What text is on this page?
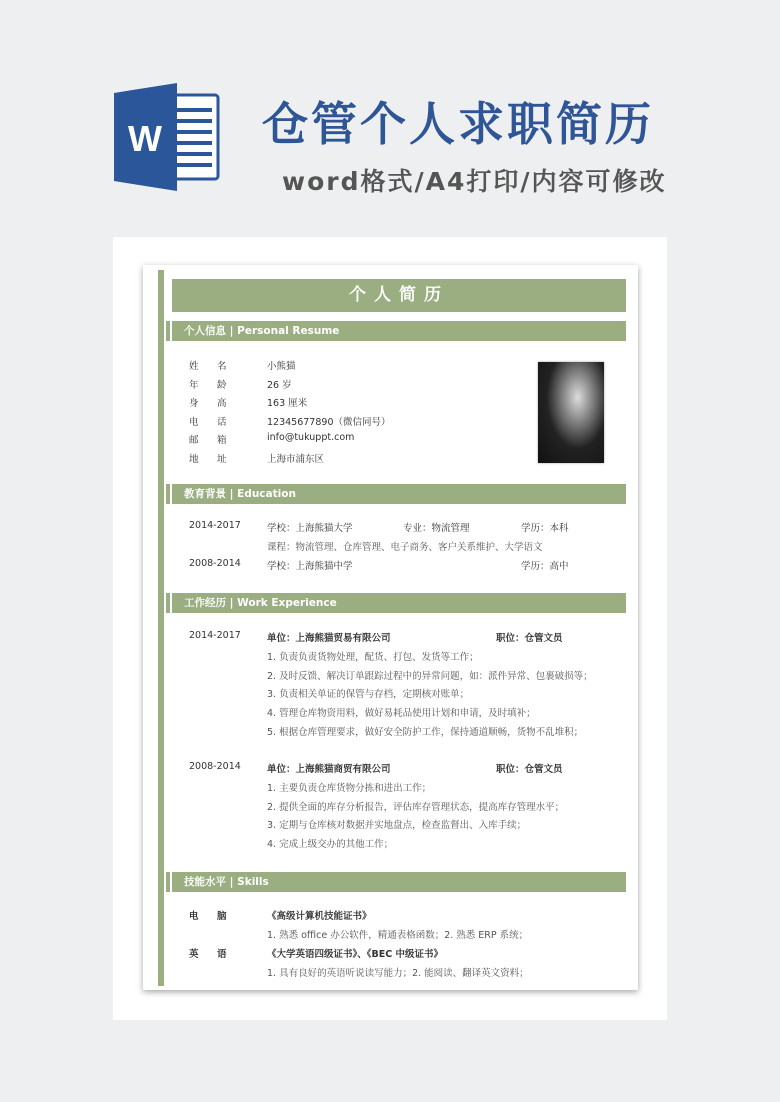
W 仓管个人求职简历
word格式/A4打印/内容可修改
个人简历
个人信息 | Personal Resume
教育背景 | Education
2014-2017	学校：上海熊猫大学	专业：物流管理	学历：本科
课程：物流管理、仓库管理、电子商务、客户关系维护、大学语文
2008-2014	学校：上海熊猫中学	学历：高中
工作经历 | Work Experience
技能水平 | Skills
姓 名	小熊猫
年 龄	26 岁
身 高	163 厘米
电 话	12345677890（微信同号）
邮 箱	info@tukuppt.com
地 址	上海市浦东区
2014-2017	单位：上海熊猫贸易有限公司	职位：仓管文员
1. 负责负责货物处理，配货、打包、发货等工作；
2. 及时反馈、解决订单跟踪过程中的异常问题，如：派件异常、包裹破损等；
3. 负责相关单证的保管与存档，定期核对账单；
4. 管理仓库物资用料，做好易耗品使用计划和申请，及时填补；
5. 根据仓库管理要求，做好安全防护工作，保持通道顺畅，货物不乱堆积；
2008-2014	单位：上海熊猫商贸有限公司	职位：仓管文员
1. 主要负责仓库货物分拣和进出工作；
2. 提供全面的库存分析报告，评估库存管理状态，提高库存管理水平；
3. 定期与仓库核对数据并实地盘点，检查监督出、入库手续；
4. 完成上级交办的其他工作；
电 脑	《高级计算机技能证书》
1. 熟悉 office 办公软件，精通表格函数；2. 熟悉 ERP 系统；
英 语	《大学英语四级证书》、《BEC 中级证书》
1. 具有良好的英语听说读写能力；2. 能阅读、翻译英文资料；
